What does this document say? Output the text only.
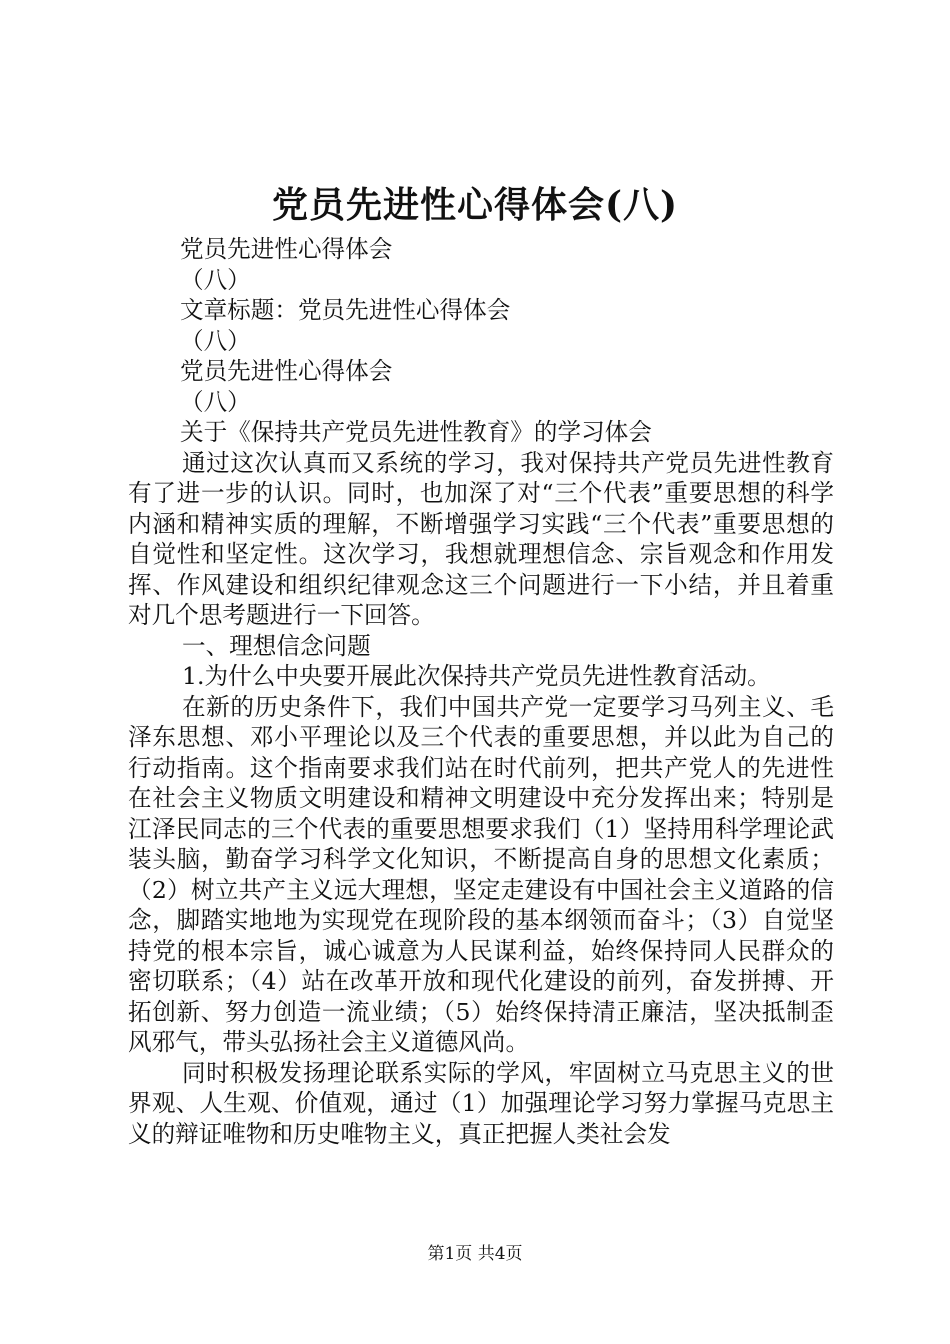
党员先进性心得体会(八)
党员先进性心得体会
（八）
文章标题：党员先进性心得体会
（八）
党员先进性心得体会
（八）
关于《保持共产党员先进性教育》的学习体会

通过这次认真而又系统的学习，我对保持共产党员先进性教育有了进一步的认识。同时，也加深了对“三个代表”重要思想的科学内涵和精神实质的理解，不断增强学习实践“三个代表”重要思想的自觉性和坚定性。这次学习，我想就理想信念、宗旨观念和作用发挥、作风建设和组织纪律观念这三个问题进行一下小结，并且着重对几个思考题进行一下回答。

一、理想信念问题

1.为什么中央要开展此次保持共产党员先进性教育活动。

在新的历史条件下，我们中国共产党一定要学习马列主义、毛泽东思想、邓小平理论以及三个代表的重要思想，并以此为自己的行动指南。这个指南要求我们站在时代前列，把共产党人的先进性在社会主义物质文明建设和精神文明建设中充分发挥出来；特别是江泽民同志的三个代表的重要思想要求我们（1）坚持用科学理论武装头脑，勤奋学习科学文化知识，不断提高自身的思想文化素质；（2）树立共产主义远大理想，坚定走建设有中国社会主义道路的信念，脚踏实地地为实现党在现阶段的基本纲领而奋斗；（3）自觉坚持党的根本宗旨，诚心诚意为人民谋利益，始终保持同人民群众的密切联系；（4）站在改革开放和现代化建设的前列，奋发拼搏、开拓创新、努力创造一流业绩；（5）始终保持清正廉洁，坚决抵制歪风邪气，带头弘扬社会主义道德风尚。

同时积极发扬理论联系实际的学风，牢固树立马克思主义的世界观、人生观、价值观，通过（1）加强理论学习努力掌握马克思主义的辩证唯物和历史唯物主义，真正把握人类社会发

第1页 共4页
